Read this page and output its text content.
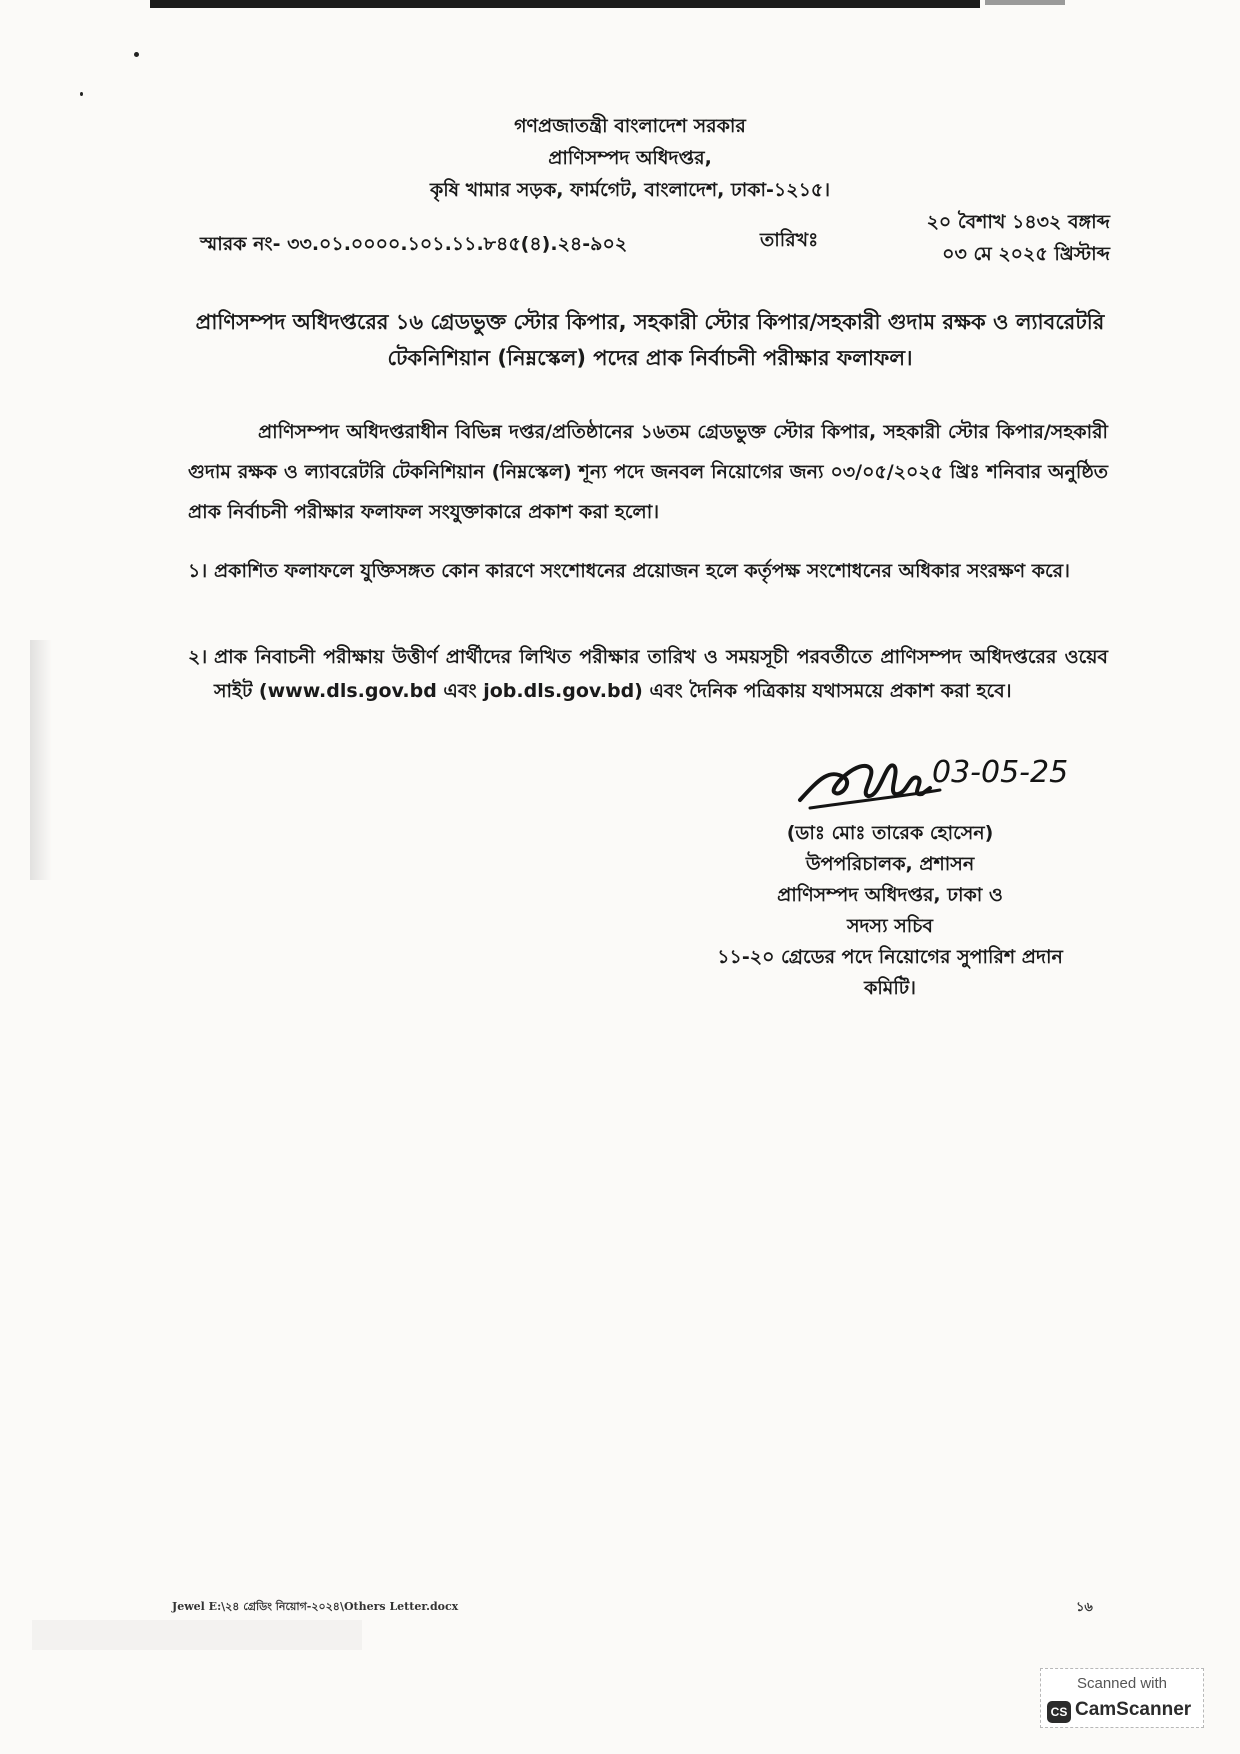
গণপ্রজাতন্ত্রী বাংলাদেশ সরকার
প্রাণিসম্পদ অধিদপ্তর,
কৃষি খামার সড়ক, ফার্মগেট, বাংলাদেশ, ঢাকা-১২১৫।
স্মারক নং- ৩৩.০১.০০০০.১০১.১১.৮৪৫(৪).২৪-৯০২	তারিখঃ
২০ বৈশাখ ১৪৩২ বঙ্গাব্দ
০৩ মে ২০২৫ খ্রিস্টাব্দ
প্রাণিসম্পদ অধিদপ্তরের ১৬ গ্রেডভুক্ত স্টোর কিপার, সহকারী স্টোর কিপার/সহকারী গুদাম রক্ষক ও ল্যাবরেটরি টেকনিশিয়ান (নিম্নস্কেল) পদের প্রাক নির্বাচনী পরীক্ষার ফলাফল।
প্রাণিসম্পদ অধিদপ্তরাধীন বিভিন্ন দপ্তর/প্রতিষ্ঠানের ১৬তম গ্রেডভুক্ত স্টোর কিপার, সহকারী স্টোর কিপার/সহকারী গুদাম রক্ষক ও ল্যাবরেটরি টেকনিশিয়ান (নিম্নস্কেল) শূন্য পদে জনবল নিয়োগের জন্য ০৩/০৫/২০২৫ খ্রিঃ শনিবার অনুষ্ঠিত প্রাক নির্বাচনী পরীক্ষার ফলাফল সংযুক্তাকারে প্রকাশ করা হলো।
১। প্রকাশিত ফলাফলে যুক্তিসঙ্গত কোন কারণে সংশোধনের প্রয়োজন হলে কর্তৃপক্ষ সংশোধনের অধিকার সংরক্ষণ করে।
২। প্রাক নিবাচনী পরীক্ষায় উত্তীর্ণ প্রার্থীদের লিখিত পরীক্ষার তারিখ ও সময়সূচী পরবর্তীতে প্রাণিসম্পদ অধিদপ্তরের ওয়েব সাইট (www.dls.gov.bd এবং job.dls.gov.bd) এবং দৈনিক পত্রিকায় যথাসময়ে প্রকাশ করা হবে।
03-05-25
(ডাঃ মোঃ তারেক হোসেন)
উপপরিচালক, প্রশাসন
প্রাণিসম্পদ অধিদপ্তর, ঢাকা ও
সদস্য সচিব
১১-২০ গ্রেডের পদে নিয়োগের সুপারিশ প্রদান
কমিটি।
Jewel E:\২৪ গ্রেডিং নিয়োগ-২০২৪\Others Letter.docx	১৬
Scanned with
CS CamScanner
